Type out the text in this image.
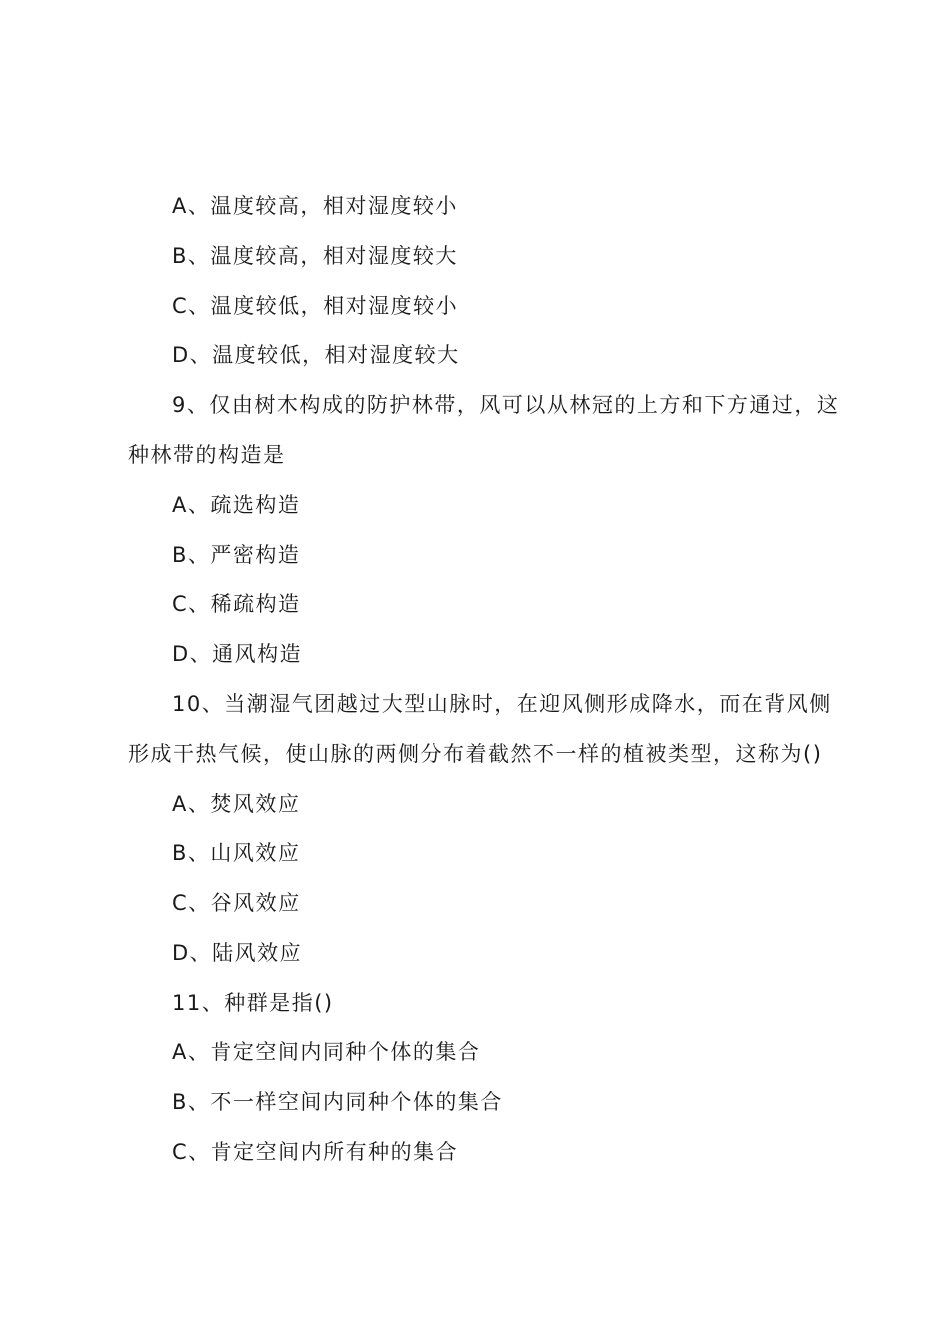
A、温度较高，相对湿度较小
B、温度较高，相对湿度较大
C、温度较低，相对湿度较小
D、温度较低，相对湿度较大
9、仅由树木构成的防护林带，风可以从林冠的上方和下方通过，这
种林带的构造是
A、疏选构造
B、严密构造
C、稀疏构造
D、通风构造
10、当潮湿气团越过大型山脉时，在迎风侧形成降水，而在背风侧
形成干热气候，使山脉的两侧分布着截然不一样的植被类型，这称为()
A、焚风效应
B、山风效应
C、谷风效应
D、陆风效应
11、种群是指()
A、肯定空间内同种个体的集合
B、不一样空间内同种个体的集合
C、肯定空间内所有种的集合
